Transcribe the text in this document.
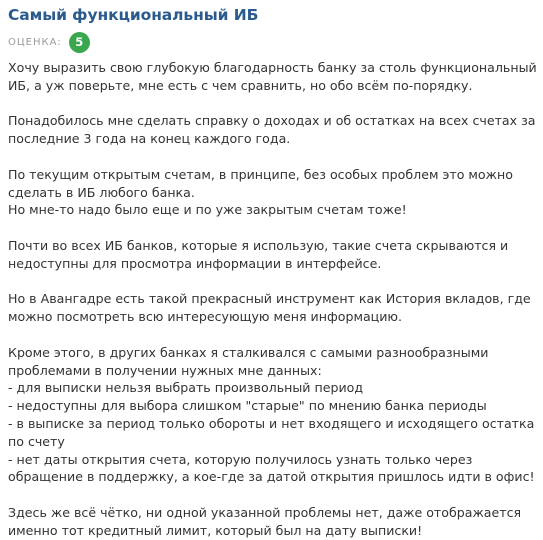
Самый функциональный ИБ
ОЦЕНКА:	5

Хочу выразить свою глубокую благодарность банку за столь функциональный ИБ, а уж поверьте, мне есть с чем сравнить, но обо всём по-порядку.

Понадобилось мне сделать справку о доходах и об остатках на всех счетах за последние 3 года на конец каждого года.

По текущим открытым счетам, в принципе, без особых проблем это можно сделать в ИБ любого банка.
Но мне-то надо было еще и по уже закрытым счетам тоже!

Почти во всех ИБ банков, которые я использую, такие счета скрываются и недоступны для просмотра информации в интерфейсе.

Но в Авангадре есть такой прекрасный инструмент как История вкладов, где можно посмотреть всю интересующую меня информацию.

Кроме этого, в других банках я сталкивался с самыми разнообразными проблемами в получении нужных мне данных:
- для выписки нельзя выбрать произвольный период
- недоступны для выбора слишком "старые" по мнению банка периоды
- в выписке за период только обороты и нет входящего и исходящего остатка по счету
- нет даты открытия счета, которую получилось узнать только через обращение в поддержку, а кое-где за датой открытия пришлось идти в офис!

Здесь же всё чётко, ни одной указанной проблемы нет, даже отображается именно тот кредитный лимит, который был на дату выписки!
